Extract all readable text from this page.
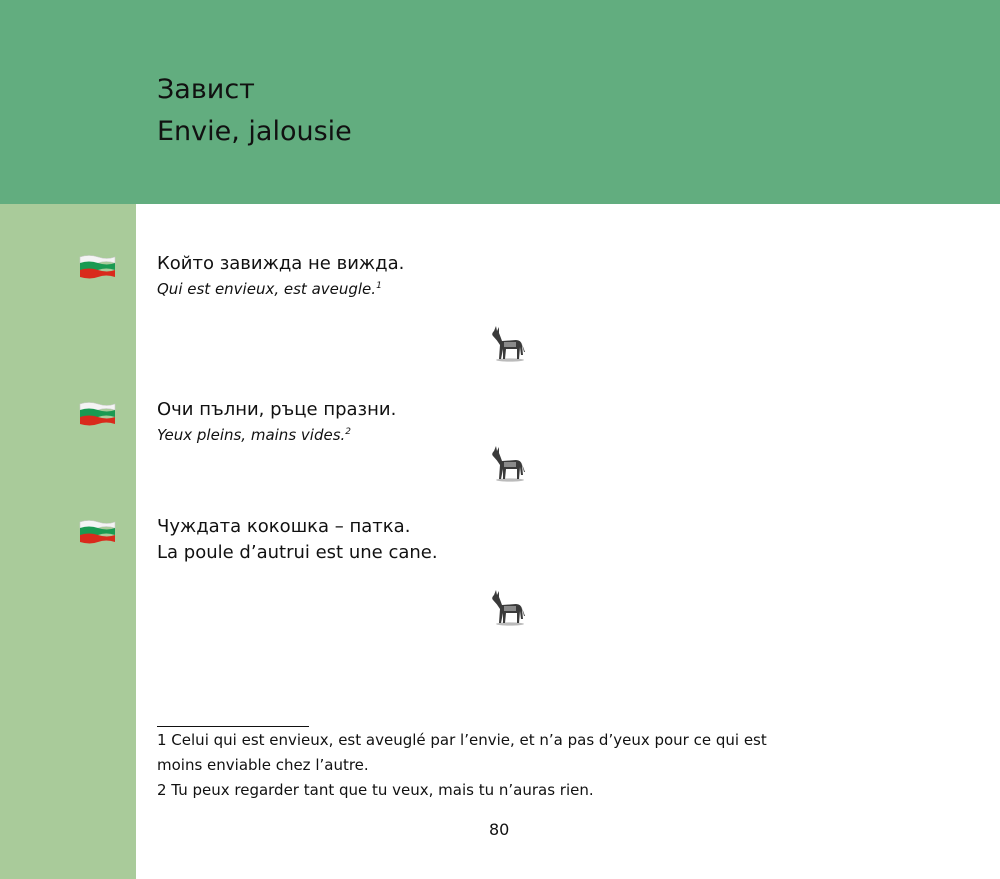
Завист
Envie, jalousie
Който завижда не вижда.
Qui est envieux, est aveugle.$^1$
Очи пълни, ръце празни.
Yeux pleins, mains vides.$^2$
Чуждата кокошка – патка.
La poule d’autrui est une cane.
1 Celui qui est envieux, est aveuglé par l’envie, et n’a pas d’yeux pour ce qui est
moins enviable chez l’autre.
2 Tu peux regarder tant que tu veux, mais tu n’auras rien.
80
